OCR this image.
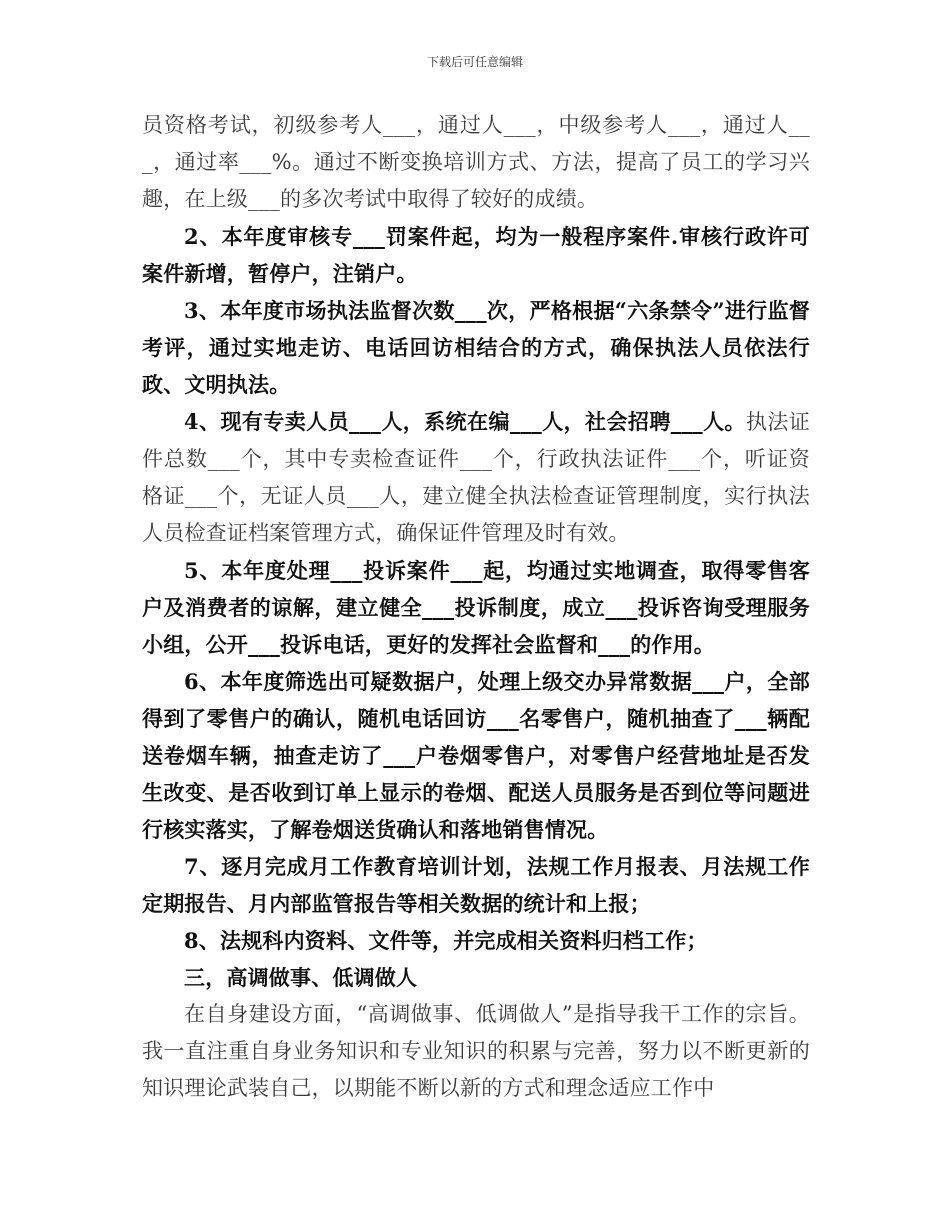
下载后可任意编辑

员资格考试，初级参考人___，通过人___，中级参考人___，通过人___，通过率___%。通过不断变换培训方式、方法，提高了员工的学习兴趣，在上级___的多次考试中取得了较好的成绩。

2、本年度审核专___罚案件起，均为一般程序案件.审核行政许可案件新增，暂停户，注销户。

3、本年度市场执法监督次数___次，严格根据“六条禁令”进行监督考评，通过实地走访、电话回访相结合的方式，确保执法人员依法行政、文明执法。

4、现有专卖人员___人，系统在编___人，社会招聘___人。执法证件总数___个，其中专卖检查证件___个，行政执法证件___个，听证资格证___个，无证人员___人，建立健全执法检查证管理制度，实行执法人员检查证档案管理方式，确保证件管理及时有效。

5、本年度处理___投诉案件___起，均通过实地调查，取得零售客户及消费者的谅解，建立健全___投诉制度，成立___投诉咨询受理服务小组，公开___投诉电话，更好的发挥社会监督和___的作用。

6、本年度筛选出可疑数据户，处理上级交办异常数据___户，全部得到了零售户的确认，随机电话回访___名零售户，随机抽查了___辆配送卷烟车辆，抽查走访了___户卷烟零售户，对零售户经营地址是否发生改变、是否收到订单上显示的卷烟、配送人员服务是否到位等问题进行核实落实，了解卷烟送货确认和落地销售情况。

7、逐月完成月工作教育培训计划，法规工作月报表、月法规工作定期报告、月内部监管报告等相关数据的统计和上报；

8、法规科内资料、文件等，并完成相关资料归档工作；

三，高调做事、低调做人

在自身建设方面，“高调做事、低调做人”是指导我干工作的宗旨。我一直注重自身业务知识和专业知识的积累与完善，努力以不断更新的知识理论武装自己，以期能不断以新的方式和理念适应工作中
